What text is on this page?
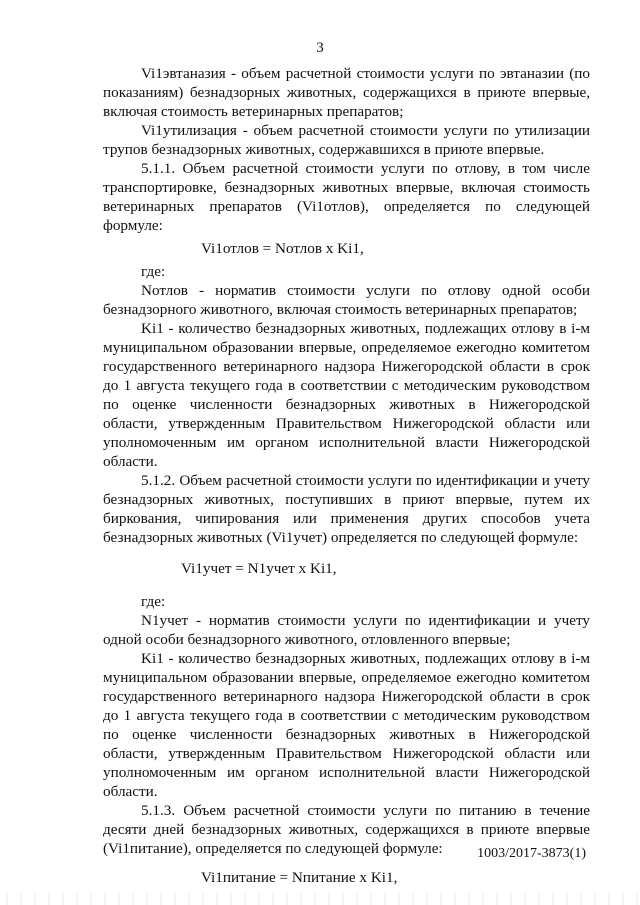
3

Vi1эвтаназия - объем расчетной стоимости услуги по эвтаназии (по показаниям) безнадзорных животных, содержащихся в приюте впервые, включая стоимость ветеринарных препаратов;

Vi1утилизация - объем расчетной стоимости услуги по утилизации трупов безнадзорных животных, содержавшихся в приюте впервые.

5.1.1. Объем расчетной стоимости услуги по отлову, в том числе транспортировке, безнадзорных животных впервые, включая стоимость ветеринарных препаратов (Vi1отлов), определяется по следующей формуле:

Vi1отлов = Nотлов x Ki1,

где:

Nотлов - норматив стоимости услуги по отлову одной особи безнадзорного животного, включая стоимость ветеринарных препаратов;

Ki1 - количество безнадзорных животных, подлежащих отлову в i-м муниципальном образовании впервые, определяемое ежегодно комитетом государственного ветеринарного надзора Нижегородской области в срок до 1 августа текущего года в соответствии с методическим руководством по оценке численности безнадзорных животных в Нижегородской области, утвержденным Правительством Нижегородской области или уполномоченным им органом исполнительной власти Нижегородской области.

5.1.2. Объем расчетной стоимости услуги по идентификации и учету безнадзорных животных, поступивших в приют впервые, путем их биркования, чипирования или применения других способов учета безнадзорных животных (Vi1учет) определяется по следующей формуле:

Vi1учет = N1учет x Ki1,

где:

N1учет - норматив стоимости услуги по идентификации и учету одной особи безнадзорного животного, отловленного впервые;

Ki1 - количество безнадзорных животных, подлежащих отлову в i-м муниципальном образовании впервые, определяемое ежегодно комитетом государственного ветеринарного надзора Нижегородской области в срок до 1 августа текущего года в соответствии с методическим руководством по оценке численности безнадзорных животных в Нижегородской области, утвержденным Правительством Нижегородской области или уполномоченным им органом исполнительной власти Нижегородской области.

5.1.3. Объем расчетной стоимости услуги по питанию в течение десяти дней безнадзорных животных, содержащихся в приюте впервые (Vi1питание), определяется по следующей формуле:

Vi1питание = Nпитание x Ki1,

1003/2017-3873(1)
